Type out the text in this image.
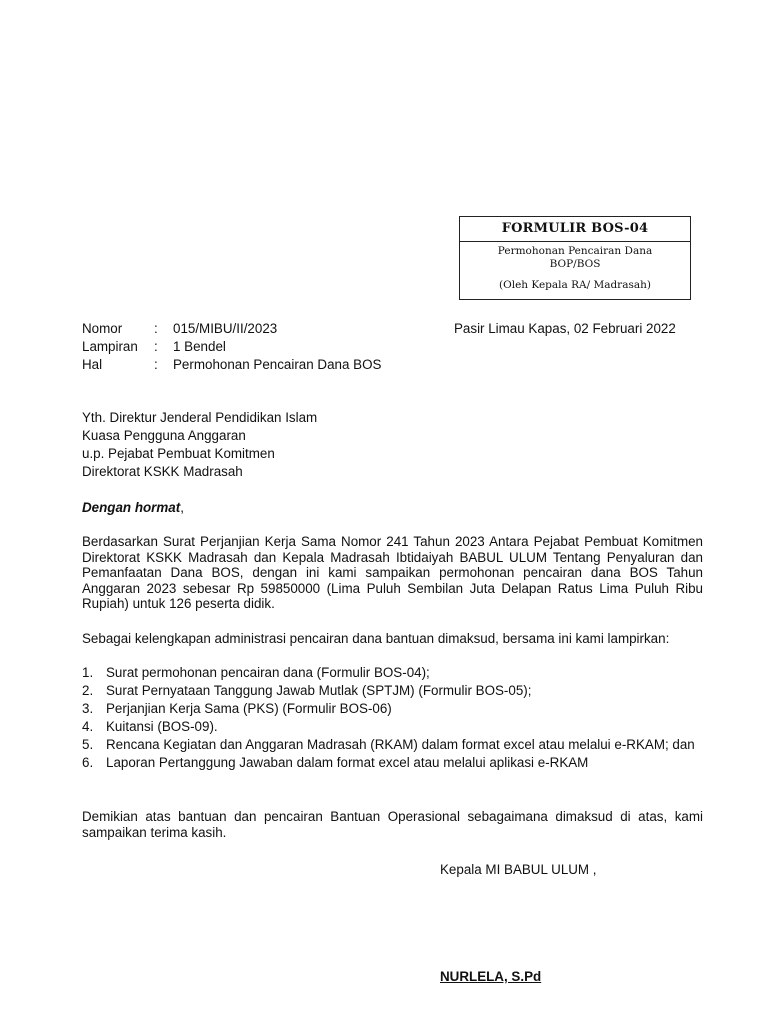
FORMULIR BOS-04
Permohonan Pencairan Dana
BOP/BOS
(Oleh Kepala RA/ Madrasah)
Nomor	:	015/MIBU/II/2023
Lampiran	:	1 Bendel
Hal	:	Permohonan Pencairan Dana BOS
Pasir Limau Kapas, 02 Februari 2022
Yth. Direktur Jenderal Pendidikan Islam
Kuasa Pengguna Anggaran
u.p. Pejabat Pembuat Komitmen
Direktorat KSKK Madrasah
Dengan hormat,
Berdasarkan Surat Perjanjian Kerja Sama Nomor 241 Tahun 2023 Antara Pejabat Pembuat Komitmen Direktorat KSKK Madrasah dan Kepala Madrasah Ibtidaiyah BABUL ULUM Tentang Penyaluran dan Pemanfaatan Dana BOS, dengan ini kami sampaikan permohonan pencairan dana BOS Tahun Anggaran 2023 sebesar Rp 59850000 (Lima Puluh Sembilan Juta Delapan Ratus Lima Puluh Ribu Rupiah) untuk 126 peserta didik.
Sebagai kelengkapan administrasi pencairan dana bantuan dimaksud, bersama ini kami lampirkan:
1. Surat permohonan pencairan dana (Formulir BOS-04);
2. Surat Pernyataan Tanggung Jawab Mutlak (SPTJM) (Formulir BOS-05);
3. Perjanjian Kerja Sama (PKS) (Formulir BOS-06)
4. Kuitansi (BOS-09).
5. Rencana Kegiatan dan Anggaran Madrasah (RKAM) dalam format excel atau melalui e-RKAM; dan
6. Laporan Pertanggung Jawaban dalam format excel atau melalui aplikasi e-RKAM
Demikian atas bantuan dan pencairan Bantuan Operasional sebagaimana dimaksud di atas, kami sampaikan terima kasih.
Kepala MI BABUL ULUM ,
NURLELA, S.Pd
